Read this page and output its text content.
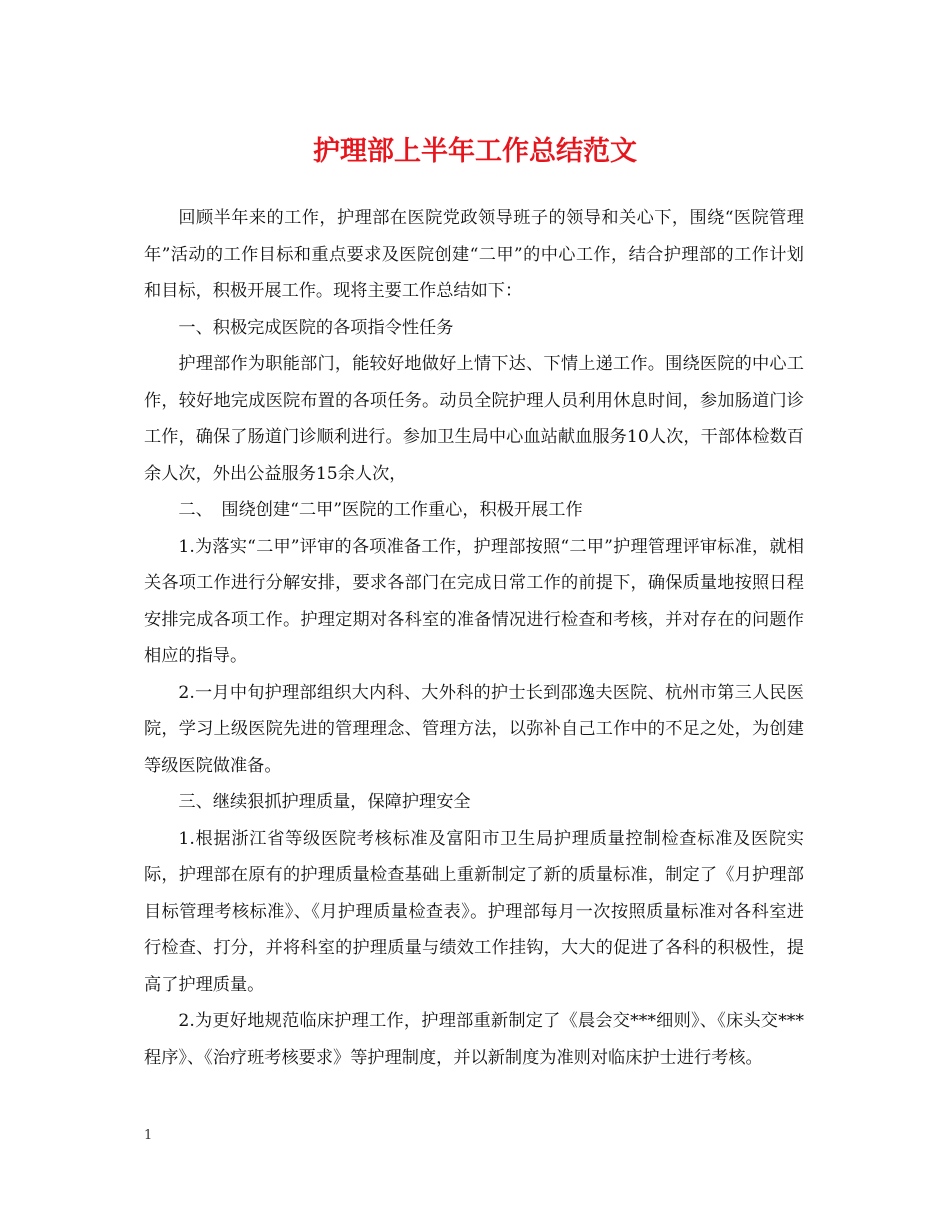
护理部上半年工作总结范文

回顾半年来的工作，护理部在医院党政领导班子的领导和关心下，围绕“医院管理年”活动的工作目标和重点要求及医院创建“二甲”的中心工作，结合护理部的工作计划和目标，积极开展工作。现将主要工作总结如下：

一、积极完成医院的各项指令性任务

护理部作为职能部门，能较好地做好上情下达、下情上递工作。围绕医院的中心工作，较好地完成医院布置的各项任务。动员全院护理人员利用休息时间，参加肠道门诊工作，确保了肠道门诊顺利进行。参加卫生局中心血站献血服务10人次，干部体检数百余人次，外出公益服务15余人次，

二、　围绕创建“二甲”医院的工作重心，积极开展工作

1.为落实“二甲”评审的各项准备工作，护理部按照“二甲”护理管理评审标准，就相关各项工作进行分解安排，要求各部门在完成日常工作的前提下，确保质量地按照日程安排完成各项工作。护理定期对各科室的准备情况进行检查和考核，并对存在的问题作相应的指导。

2.一月中旬护理部组织大内科、大外科的护士长到邵逸夫医院、杭州市第三人民医院，学习上级医院先进的管理理念、管理方法，以弥补自己工作中的不足之处，为创建等级医院做准备。

三、继续狠抓护理质量，保障护理安全

1.根据浙江省等级医院考核标准及富阳市卫生局护理质量控制检查标准及医院实际，护理部在原有的护理质量检查基础上重新制定了新的质量标准，制定了《月护理部目标管理考核标准》、《月护理质量检查表》。护理部每月一次按照质量标准对各科室进行检查、打分，并将科室的护理质量与绩效工作挂钩，大大的促进了各科的积极性，提高了护理质量。

2.为更好地规范临床护理工作，护理部重新制定了《晨会交***细则》、《床头交***程序》、《治疗班考核要求》等护理制度，并以新制度为准则对临床护士进行考核。

1
